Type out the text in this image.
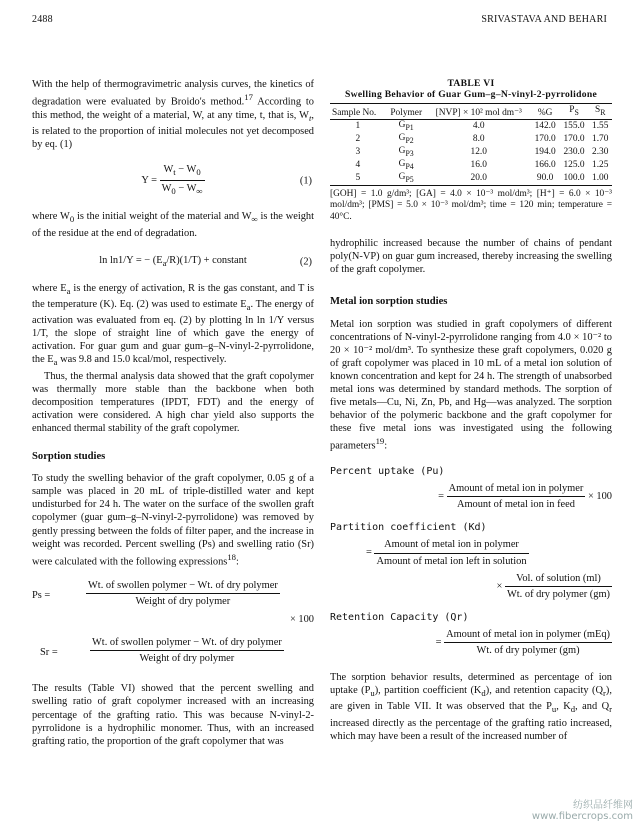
2488	SRIVASTAVA AND BEHARI

With the help of thermogravimetric analysis curves, the kinetics of degradation were evaluated by Broido's method.$^{17}$ According to this method, the weight of a material, W, at any time, t, that is, $W_t$, is related to the proportion of initial molecules not yet decomposed by eq. (1)

$Y = \frac{W_t - W_0}{W_0 - W_\infty}$	(1)

where $W_0$ is the initial weight of the material and $W_\infty$ is the weight of the residue at the end of degradation.

ln ln1/Y = − $(E_a/R)(1/T)$ + constant	(2)

where $E_a$ is the energy of activation, R is the gas constant, and T is the temperature (K). Eq. (2) was used to estimate $E_a$. The energy of activation was evaluated from eq. (2) by plotting ln ln 1/Y versus 1/T, the slope of straight line of which gave the energy of activation. For guar gum and guar gum–g–N-vinyl-2-pyrrolidone, the $E_a$ was 9.8 and 15.0 kcal/mol, respectively.

Thus, the thermal analysis data showed that the graft copolymer was thermally more stable than the backbone when both decomposition temperatures (IPDT, FDT) and the energy of activation were considered. A high char yield also supports the enhanced thermal stability of the graft copolymer.

Sorption studies

To study the swelling behavior of the graft copolymer, 0.05 g of a sample was placed in 20 mL of triple-distilled water and kept undisturbed for 24 h. The water on the surface of the swollen graft copolymer (guar gum–g–N-vinyl-2-pyrrolidone) was removed by gently pressing between the folds of filter paper, and the increase in weight was recorded. Percent swelling (Ps) and swelling ratio (Sr) were calculated with the following expressions$^{18}$:

Ps =
Wt. of swollen polymer − Wt. of dry polymer
Weight of dry polymer
× 100
Sr =
Wt. of swollen polymer − Wt. of dry polymer
Weight of dry polymer

The results (Table VI) showed that the percent swelling and swelling ratio of graft copolymer increased with an increasing percentage of the grafting ratio. This was because N-vinyl-2-pyrrolidone is a hydrophilic monomer. Thus, with an increased grafting ratio, the proportion of the graft copolymer that was

TABLE VI
Swelling Behavior of Guar Gum–g–N-vinyl-2-pyrrolidone
Sample No.	Polymer	[NVP] × 10² mol dm⁻³	%G	$P_S$	$S_R$
1	$G_{P1}$	4.0	142.0	155.0	1.55
2	$G_{P2}$	8.0	170.0	170.0	1.70
3	$G_{P3}$	12.0	194.0	230.0	2.30
4	$G_{P4}$	16.0	166.0	125.0	1.25
5	$G_{P5}$	20.0	90.0	100.0	1.00
[GOH] = 1.0 g/dm³; [GA] = 4.0 × 10⁻³ mol/dm³; [H⁺] = 6.0 × 10⁻³ mol/dm³; [PMS] = 5.0 × 10⁻³ mol/dm³; time = 120 min; temperature = 40°C.

hydrophilic increased because the number of chains of pendant poly(N-VP) on guar gum increased, thereby increasing the swelling of the graft copolymer.

Metal ion sorption studies

Metal ion sorption was studied in graft copolymers of different concentrations of N-vinyl-2-pyrrolidone ranging from 4.0 × 10⁻² to 20 × 10⁻² mol/dm³. To synthesize these graft copolymers, 0.020 g of graft copolymer was placed in 10 mL of a metal ion solution of known concentration and kept for 24 h. The strength of unabsorbed metal ions was determined by standard methods. The sorption of five metals—Cu, Ni, Zn, Pb, and Hg—was analyzed. The sorption behavior of the polymeric backbone and the graft copolymer for these five metal ions was investigated using the following parameters$^{19}$:

Percent uptake (Pu)
= $\frac{\text{Amount of metal ion in polymer}}{\text{Amount of metal ion in feed}} \times 100$
Partition coefficient (Kd)
= $\frac{\text{Amount of metal ion in polymer}}{\text{Amount of metal ion left in solution}}$
× $\frac{\text{Vol. of solution (ml)}}{\text{Wt. of dry polymer (gm)}}$
Retention Capacity (Qr)
= $\frac{\text{Amount of metal ion in polymer (mEq)}}{\text{Wt. of dry polymer (gm)}}$

The sorption behavior results, determined as percentage of ion uptake $(P_u)$, partition coefficient $(K_d)$, and retention capacity $(Q_r)$, are given in Table VII. It was observed that the $P_u$, $K_d$, and $Q_r$ increased directly as the percentage of the grafting ratio increased, which may have been a result of the increased number of

纺织品纤维网
www.fibercrops.com
